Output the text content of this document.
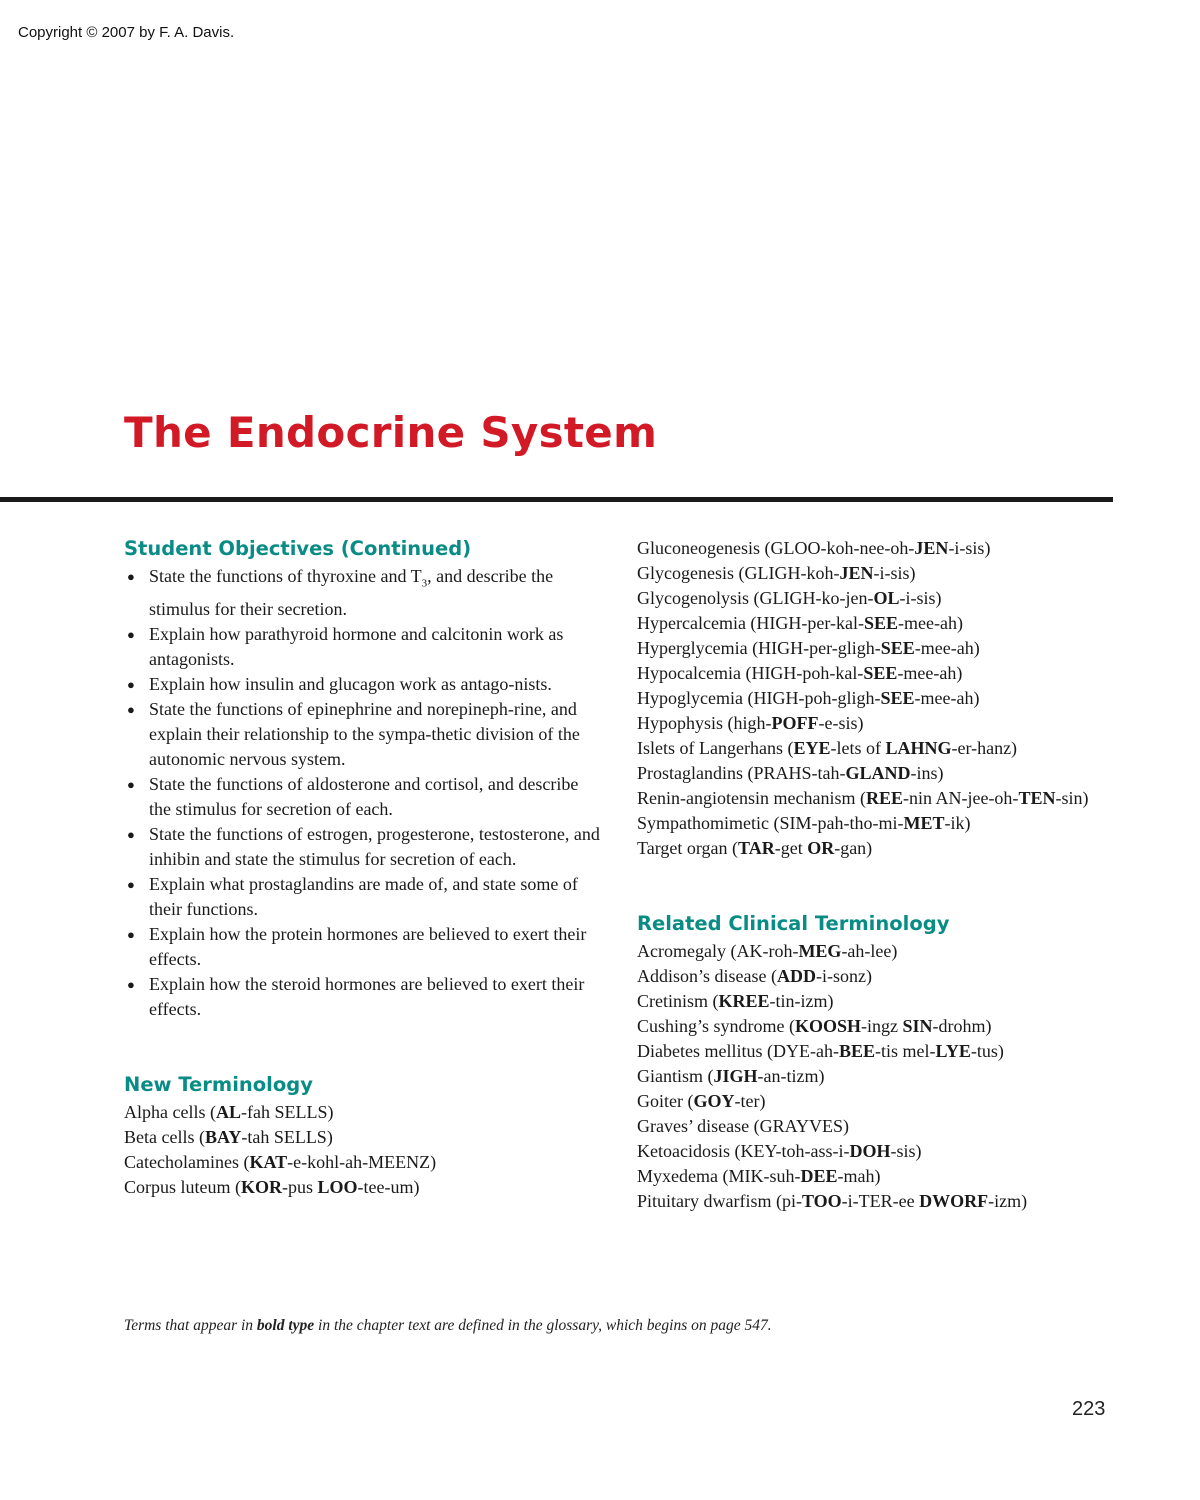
Copyright © 2007 by F. A. Davis.
The Endocrine System
Student Objectives (Continued)
● State the functions of thyroxine and $T_3$, and describe the stimulus for their secretion.
● Explain how parathyroid hormone and calcitonin work as antagonists.
● Explain how insulin and glucagon work as antago-nists.
● State the functions of epinephrine and norepineph-rine, and explain their relationship to the sympa-thetic division of the autonomic nervous system.
● State the functions of aldosterone and cortisol, and describe the stimulus for secretion of each.
● State the functions of estrogen, progesterone, testosterone, and inhibin and state the stimulus for secretion of each.
● Explain what prostaglandins are made of, and state some of their functions.
● Explain how the protein hormones are believed to exert their effects.
● Explain how the steroid hormones are believed to exert their effects.
New Terminology
Alpha cells (AL-fah SELLS)
Beta cells (BAY-tah SELLS)
Catecholamines (KAT-e-kohl-ah-MEENZ)
Corpus luteum (KOR-pus LOO-tee-um)
Gluconeogenesis (GLOO-koh-nee-oh-JEN-i-sis)
Glycogenesis (GLIGH-koh-JEN-i-sis)
Glycogenolysis (GLIGH-ko-jen-OL-i-sis)
Hypercalcemia (HIGH-per-kal-SEE-mee-ah)
Hyperglycemia (HIGH-per-gligh-SEE-mee-ah)
Hypocalcemia (HIGH-poh-kal-SEE-mee-ah)
Hypoglycemia (HIGH-poh-gligh-SEE-mee-ah)
Hypophysis (high-POFF-e-sis)
Islets of Langerhans (EYE-lets of LAHNG-er-hanz)
Prostaglandins (PRAHS-tah-GLAND-ins)
Renin-angiotensin mechanism (REE-nin AN-jee-oh-TEN-sin)
Sympathomimetic (SIM-pah-tho-mi-MET-ik)
Target organ (TAR-get OR-gan)
Related Clinical Terminology
Acromegaly (AK-roh-MEG-ah-lee)
Addison’s disease (ADD-i-sonz)
Cretinism (KREE-tin-izm)
Cushing’s syndrome (KOOSH-ingz SIN-drohm)
Diabetes mellitus (DYE-ah-BEE-tis mel-LYE-tus)
Giantism (JIGH-an-tizm)
Goiter (GOY-ter)
Graves’ disease (GRAYVES)
Ketoacidosis (KEY-toh-ass-i-DOH-sis)
Myxedema (MIK-suh-DEE-mah)
Pituitary dwarfism (pi-TOO-i-TER-ee DWORF-izm)
Terms that appear in bold type in the chapter text are defined in the glossary, which begins on page 547.
223
